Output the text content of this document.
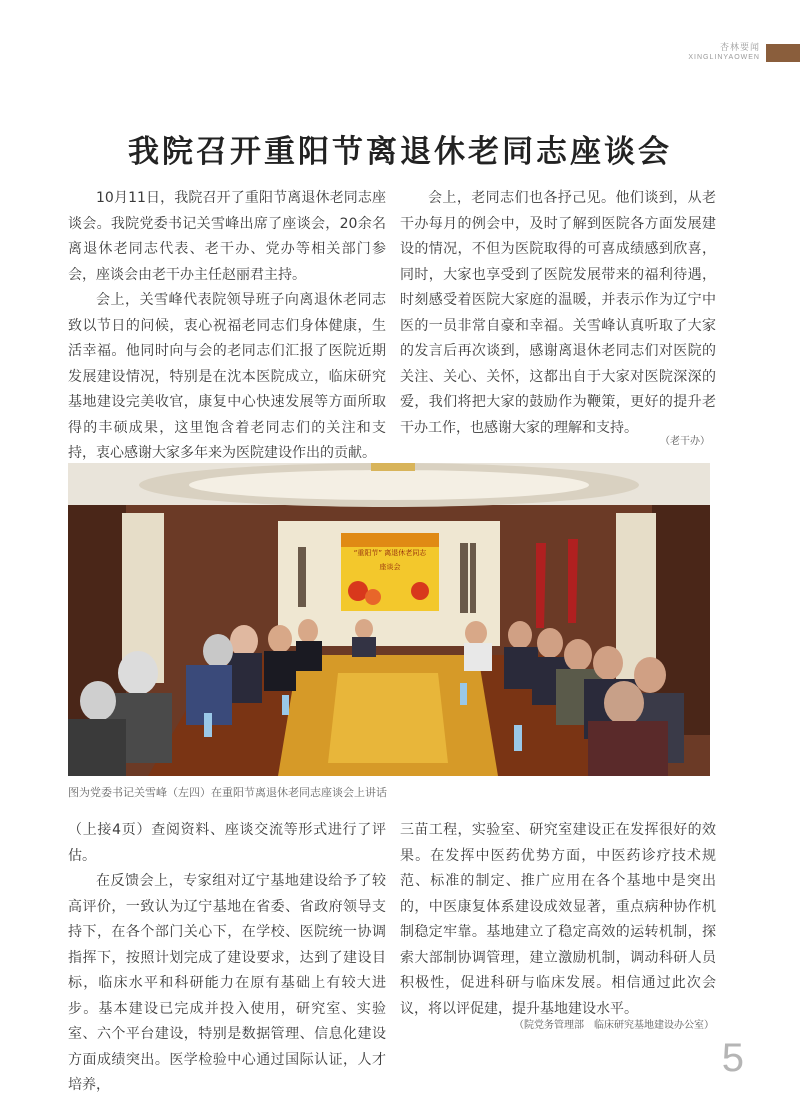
杏林要闻
XINGLINYAOWEN
我院召开重阳节离退休老同志座谈会

10月11日，我院召开了重阳节离退休老同志座谈会。我院党委书记关雪峰出席了座谈会，20余名离退休老同志代表、老干办、党办等相关部门参会，座谈会由老干办主任赵丽君主持。

会上，关雪峰代表院领导班子向离退休老同志致以节日的问候，衷心祝福老同志们身体健康，生活幸福。他同时向与会的老同志们汇报了医院近期发展建设情况，特别是在沈本医院成立，临床研究基地建设完美收官，康复中心快速发展等方面所取得的丰硕成果，这里饱含着老同志们的关注和支持，衷心感谢大家多年来为医院建设作出的贡献。

会上，老同志们也各抒己见。他们谈到，从老干办每月的例会中，及时了解到医院各方面发展建设的情况，不但为医院取得的可喜成绩感到欣喜，同时，大家也享受到了医院发展带来的福利待遇，时刻感受着医院大家庭的温暖，并表示作为辽宁中医的一员非常自豪和幸福。关雪峰认真听取了大家的发言后再次谈到，感谢离退休老同志们对医院的关注、关心、关怀，这都出自于大家对医院深深的爱，我们将把大家的鼓励作为鞭策，更好的提升老干办工作，也感谢大家的理解和支持。

（老干办）
“重阳节” 离退休老同志
座谈会
图为党委书记关雪峰（左四）在重阳节离退休老同志座谈会上讲话

（上接4页）查阅资料、座谈交流等形式进行了评估。

在反馈会上，专家组对辽宁基地建设给予了较高评价，一致认为辽宁基地在省委、省政府领导支持下，在各个部门关心下，在学校、医院统一协调指挥下，按照计划完成了建设要求，达到了建设目标，临床水平和科研能力在原有基础上有较大进步。基本建设已完成并投入使用，研究室、实验室、六个平台建设，特别是数据管理、信息化建设方面成绩突出。医学检验中心通过国际认证，人才培养，

三苗工程，实验室、研究室建设正在发挥很好的效果。在发挥中医药优势方面，中医药诊疗技术规范、标准的制定、推广应用在各个基地中是突出的，中医康复体系建设成效显著，重点病种协作机制稳定牢靠。基地建立了稳定高效的运转机制，探索大部制协调管理，建立激励机制，调动科研人员积极性，促进科研与临床发展。相信通过此次会议，将以评促建，提升基地建设水平。

（院党务管理部　临床研究基地建设办公室）
5
